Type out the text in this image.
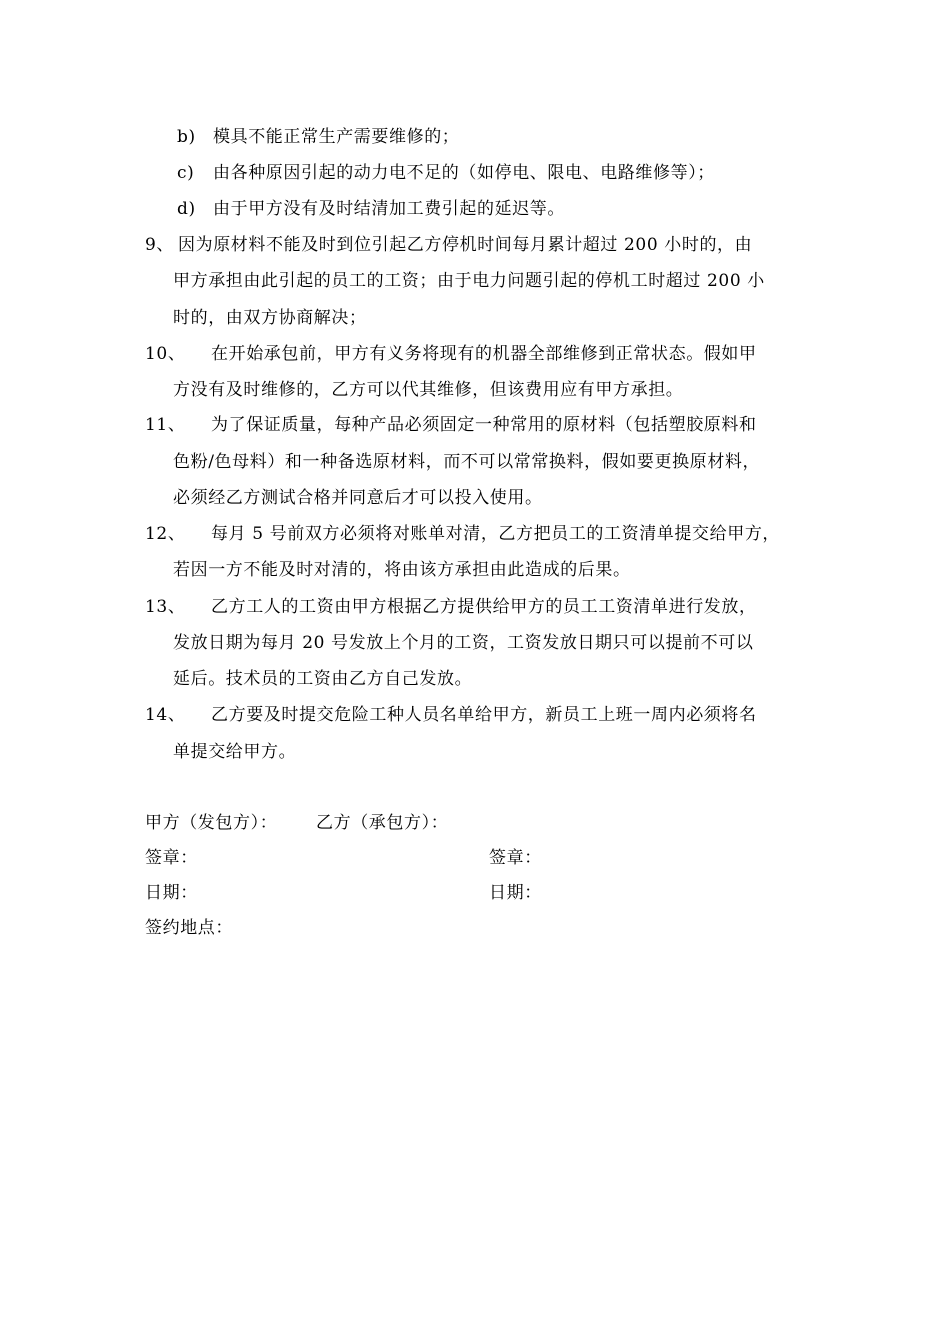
b) 模具不能正常生产需要维修的；
c) 由各种原因引起的动力电不足的（如停电、限电、电路维修等）；
d) 由于甲方没有及时结清加工费引起的延迟等。
9、 因为原材料不能及时到位引起乙方停机时间每月累计超过 200 小时的，由
甲方承担由此引起的员工的工资；由于电力问题引起的停机工时超过 200 小
时的，由双方协商解决；
10、 在开始承包前，甲方有义务将现有的机器全部维修到正常状态。假如甲
方没有及时维修的，乙方可以代其维修，但该费用应有甲方承担。
11、 为了保证质量，每种产品必须固定一种常用的原材料（包括塑胶原料和
色粉/色母料）和一种备选原材料，而不可以常常换料，假如要更换原材料，
必须经乙方测试合格并同意后才可以投入使用。
12、 每月 5 号前双方必须将对账单对清，乙方把员工的工资清单提交给甲方，
若因一方不能及时对清的，将由该方承担由此造成的后果。
13、 乙方工人的工资由甲方根据乙方提供给甲方的员工工资清单进行发放，
发放日期为每月 20 号发放上个月的工资，工资发放日期只可以提前不可以
延后。技术员的工资由乙方自己发放。
14、 乙方要及时提交危险工种人员名单给甲方，新员工上班一周内必须将名
单提交给甲方。
甲方（发包方）： 乙方（承包方）：
签章：	签章：
日期：	日期：
签约地点：
